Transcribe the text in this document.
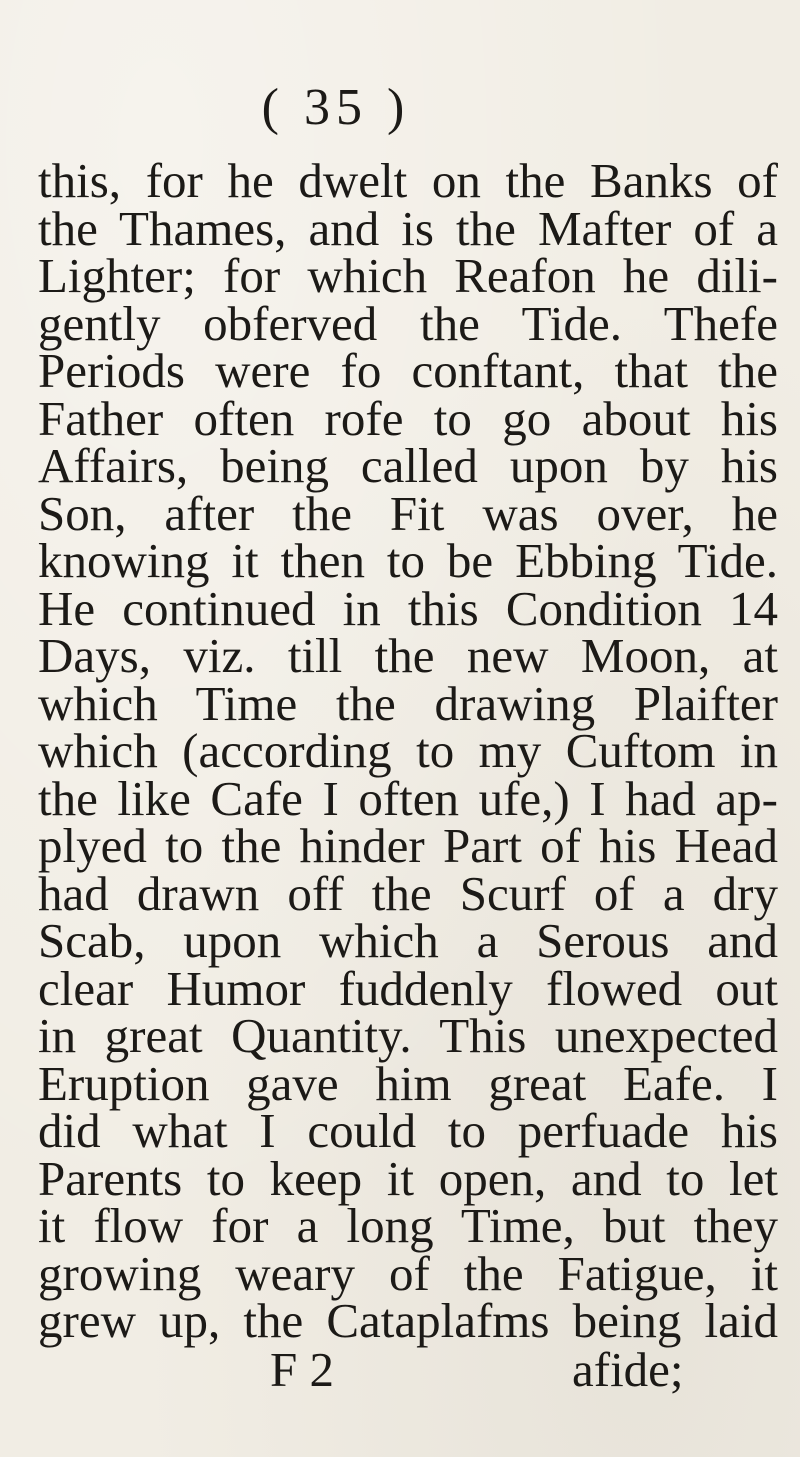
( 35 )
this, for he dwelt on the Banks of
the Thames, and is the Mafter of a
Lighter; for which Reafon he dili-
gently obferved the Tide. Thefe
Periods were fo conftant, that the
Father often rofe to go about his
Affairs, being called upon by his
Son, after the Fit was over, he
knowing it then to be Ebbing Tide.
He continued in this Condition 14
Days, viz. till the new Moon, at
which Time the drawing Plaifter
which (according to my Cuftom in
the like Cafe I often ufe,) I had ap-
plyed to the hinder Part of his Head
had drawn off the Scurf of a dry
Scab, upon which a Serous and
clear Humor fuddenly flowed out
in great Quantity. This unexpected
Eruption gave him great Eafe. I
did what I could to perfuade his
Parents to keep it open, and to let
it flow for a long Time, but they
growing weary of the Fatigue, it
grew up, the Cataplafms being laid
F 2	afide;
